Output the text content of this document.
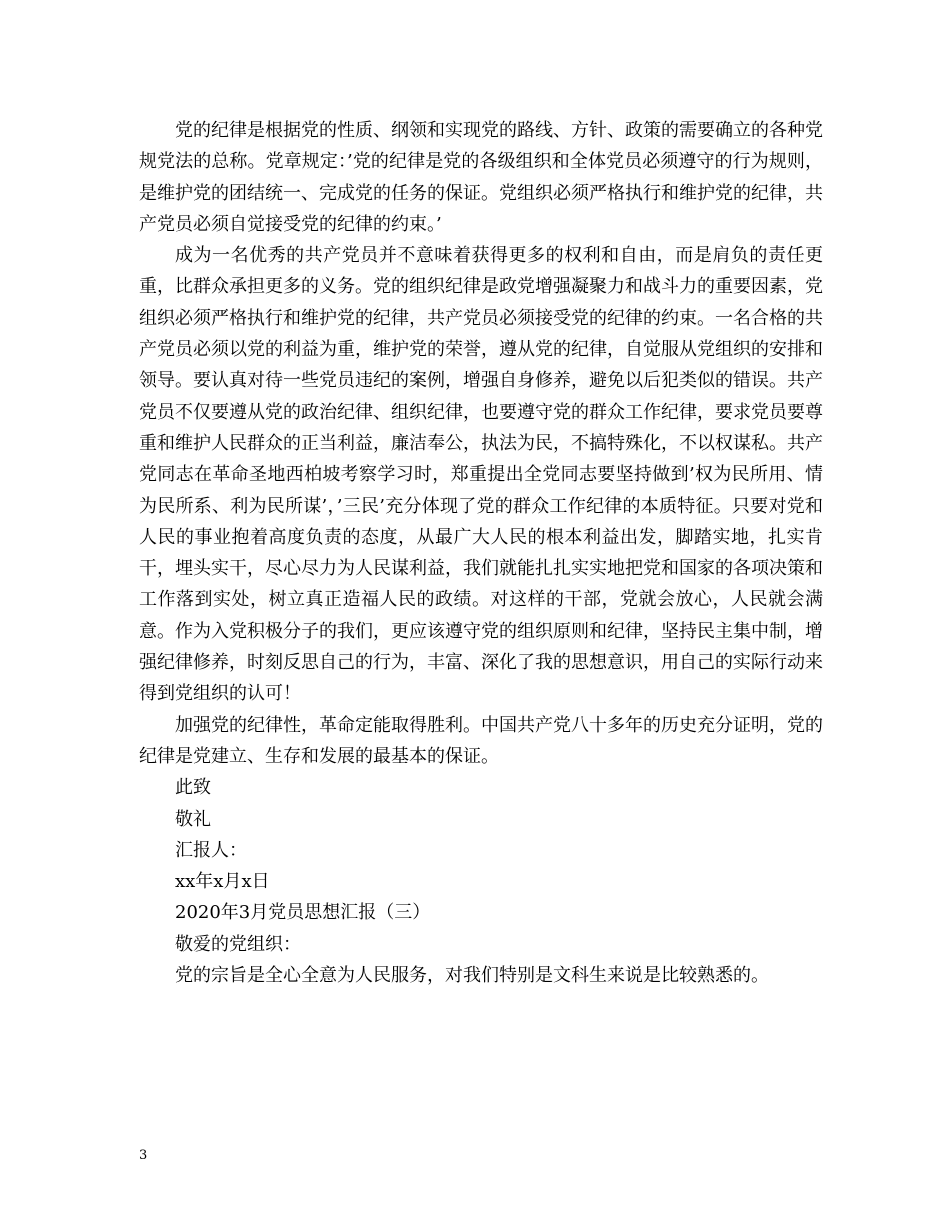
党的纪律是根据党的性质、纲领和实现党的路线、方针、政策的需要确立的各种党规党法的总称。党章规定：’党的纪律是党的各级组织和全体党员必须遵守的行为规则，是维护党的团结统一、完成党的任务的保证。党组织必须严格执行和维护党的纪律，共产党员必须自觉接受党的纪律的约束。’

成为一名优秀的共产党员并不意味着获得更多的权利和自由，而是肩负的责任更重，比群众承担更多的义务。党的组织纪律是政党增强凝聚力和战斗力的重要因素，党组织必须严格执行和维护党的纪律，共产党员必须接受党的纪律的约束。一名合格的共产党员必须以党的利益为重，维护党的荣誉，遵从党的纪律，自觉服从党组织的安排和领导。要认真对待一些党员违纪的案例，增强自身修养，避免以后犯类似的错误。共产党员不仅要遵从党的政治纪律、组织纪律，也要遵守党的群众工作纪律，要求党员要尊重和维护人民群众的正当利益，廉洁奉公，执法为民，不搞特殊化，不以权谋私。共产党同志在革命圣地西柏坡考察学习时，郑重提出全党同志要坚持做到’权为民所用、情为民所系、利为民所谋’，’三民’充分体现了党的群众工作纪律的本质特征。只要对党和人民的事业抱着高度负责的态度，从最广大人民的根本利益出发，脚踏实地，扎实肯干，埋头实干，尽心尽力为人民谋利益，我们就能扎扎实实地把党和国家的各项决策和工作落到实处，树立真正造福人民的政绩。对这样的干部，党就会放心，人民就会满意。作为入党积极分子的我们，更应该遵守党的组织原则和纪律，坚持民主集中制，增强纪律修养，时刻反思自己的行为，丰富、深化了我的思想意识，用自己的实际行动来得到党组织的认可！

加强党的纪律性，革命定能取得胜利。中国共产党八十多年的历史充分证明，党的纪律是党建立、生存和发展的最基本的保证。

此致

敬礼

汇报人：

xx年x月x日

2020年3月党员思想汇报（三）

敬爱的党组织：

党的宗旨是全心全意为人民服务，对我们特别是文科生来说是比较熟悉的。

3
